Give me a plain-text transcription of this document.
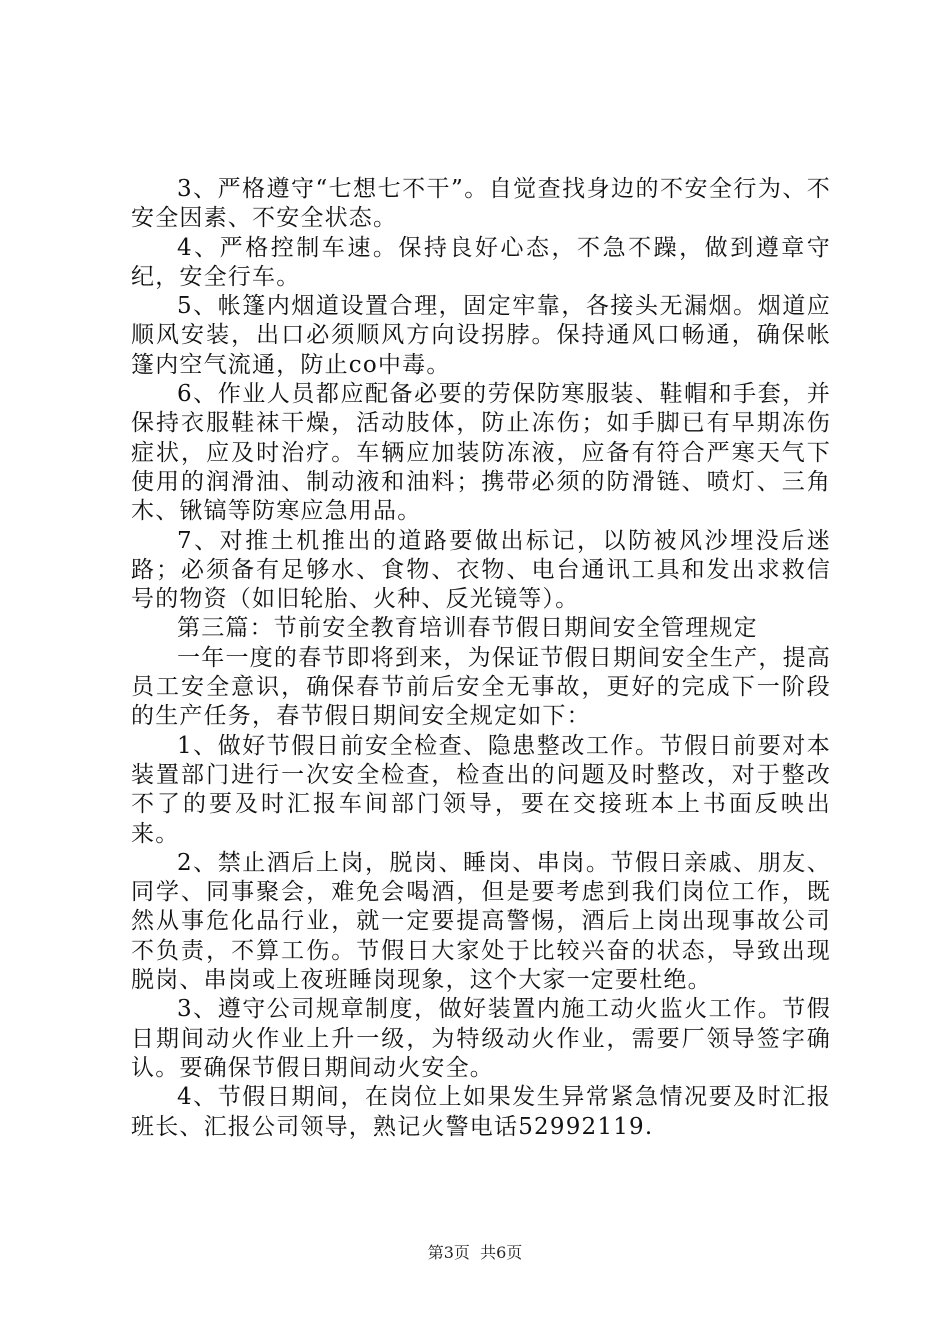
3、严格遵守“七想七不干”。自觉查找身边的不安全行为、不安全因素、不安全状态。

4、严格控制车速。保持良好心态，不急不躁，做到遵章守纪，安全行车。

5、帐篷内烟道设置合理，固定牢靠，各接头无漏烟。烟道应顺风安装，出口必须顺风方向设拐脖。保持通风口畅通，确保帐篷内空气流通，防止co中毒。

6、作业人员都应配备必要的劳保防寒服装、鞋帽和手套，并保持衣服鞋袜干燥，活动肢体，防止冻伤；如手脚已有早期冻伤症状，应及时治疗。车辆应加装防冻液，应备有符合严寒天气下使用的润滑油、制动液和油料；携带必须的防滑链、喷灯、三角木、锹镐等防寒应急用品。

7、对推土机推出的道路要做出标记，以防被风沙埋没后迷路；必须备有足够水、食物、衣物、电台通讯工具和发出求救信号的物资（如旧轮胎、火种、反光镜等）。

第三篇：节前安全教育培训春节假日期间安全管理规定

一年一度的春节即将到来，为保证节假日期间安全生产，提高员工安全意识，确保春节前后安全无事故，更好的完成下一阶段的生产任务，春节假日期间安全规定如下：

1、做好节假日前安全检查、隐患整改工作。节假日前要对本装置部门进行一次安全检查，检查出的问题及时整改，对于整改不了的要及时汇报车间部门领导，要在交接班本上书面反映出来。

2、禁止酒后上岗，脱岗、睡岗、串岗。节假日亲戚、朋友、同学、同事聚会，难免会喝酒，但是要考虑到我们岗位工作，既然从事危化品行业，就一定要提高警惕，酒后上岗出现事故公司不负责，不算工伤。节假日大家处于比较兴奋的状态，导致出现脱岗、串岗或上夜班睡岗现象，这个大家一定要杜绝。

3、遵守公司规章制度，做好装置内施工动火监火工作。节假日期间动火作业上升一级，为特级动火作业，需要厂领导签字确认。要确保节假日期间动火安全。

4、节假日期间，在岗位上如果发生异常紧急情况要及时汇报班长、汇报公司领导，熟记火警电话52992119.

第3页 共6页
